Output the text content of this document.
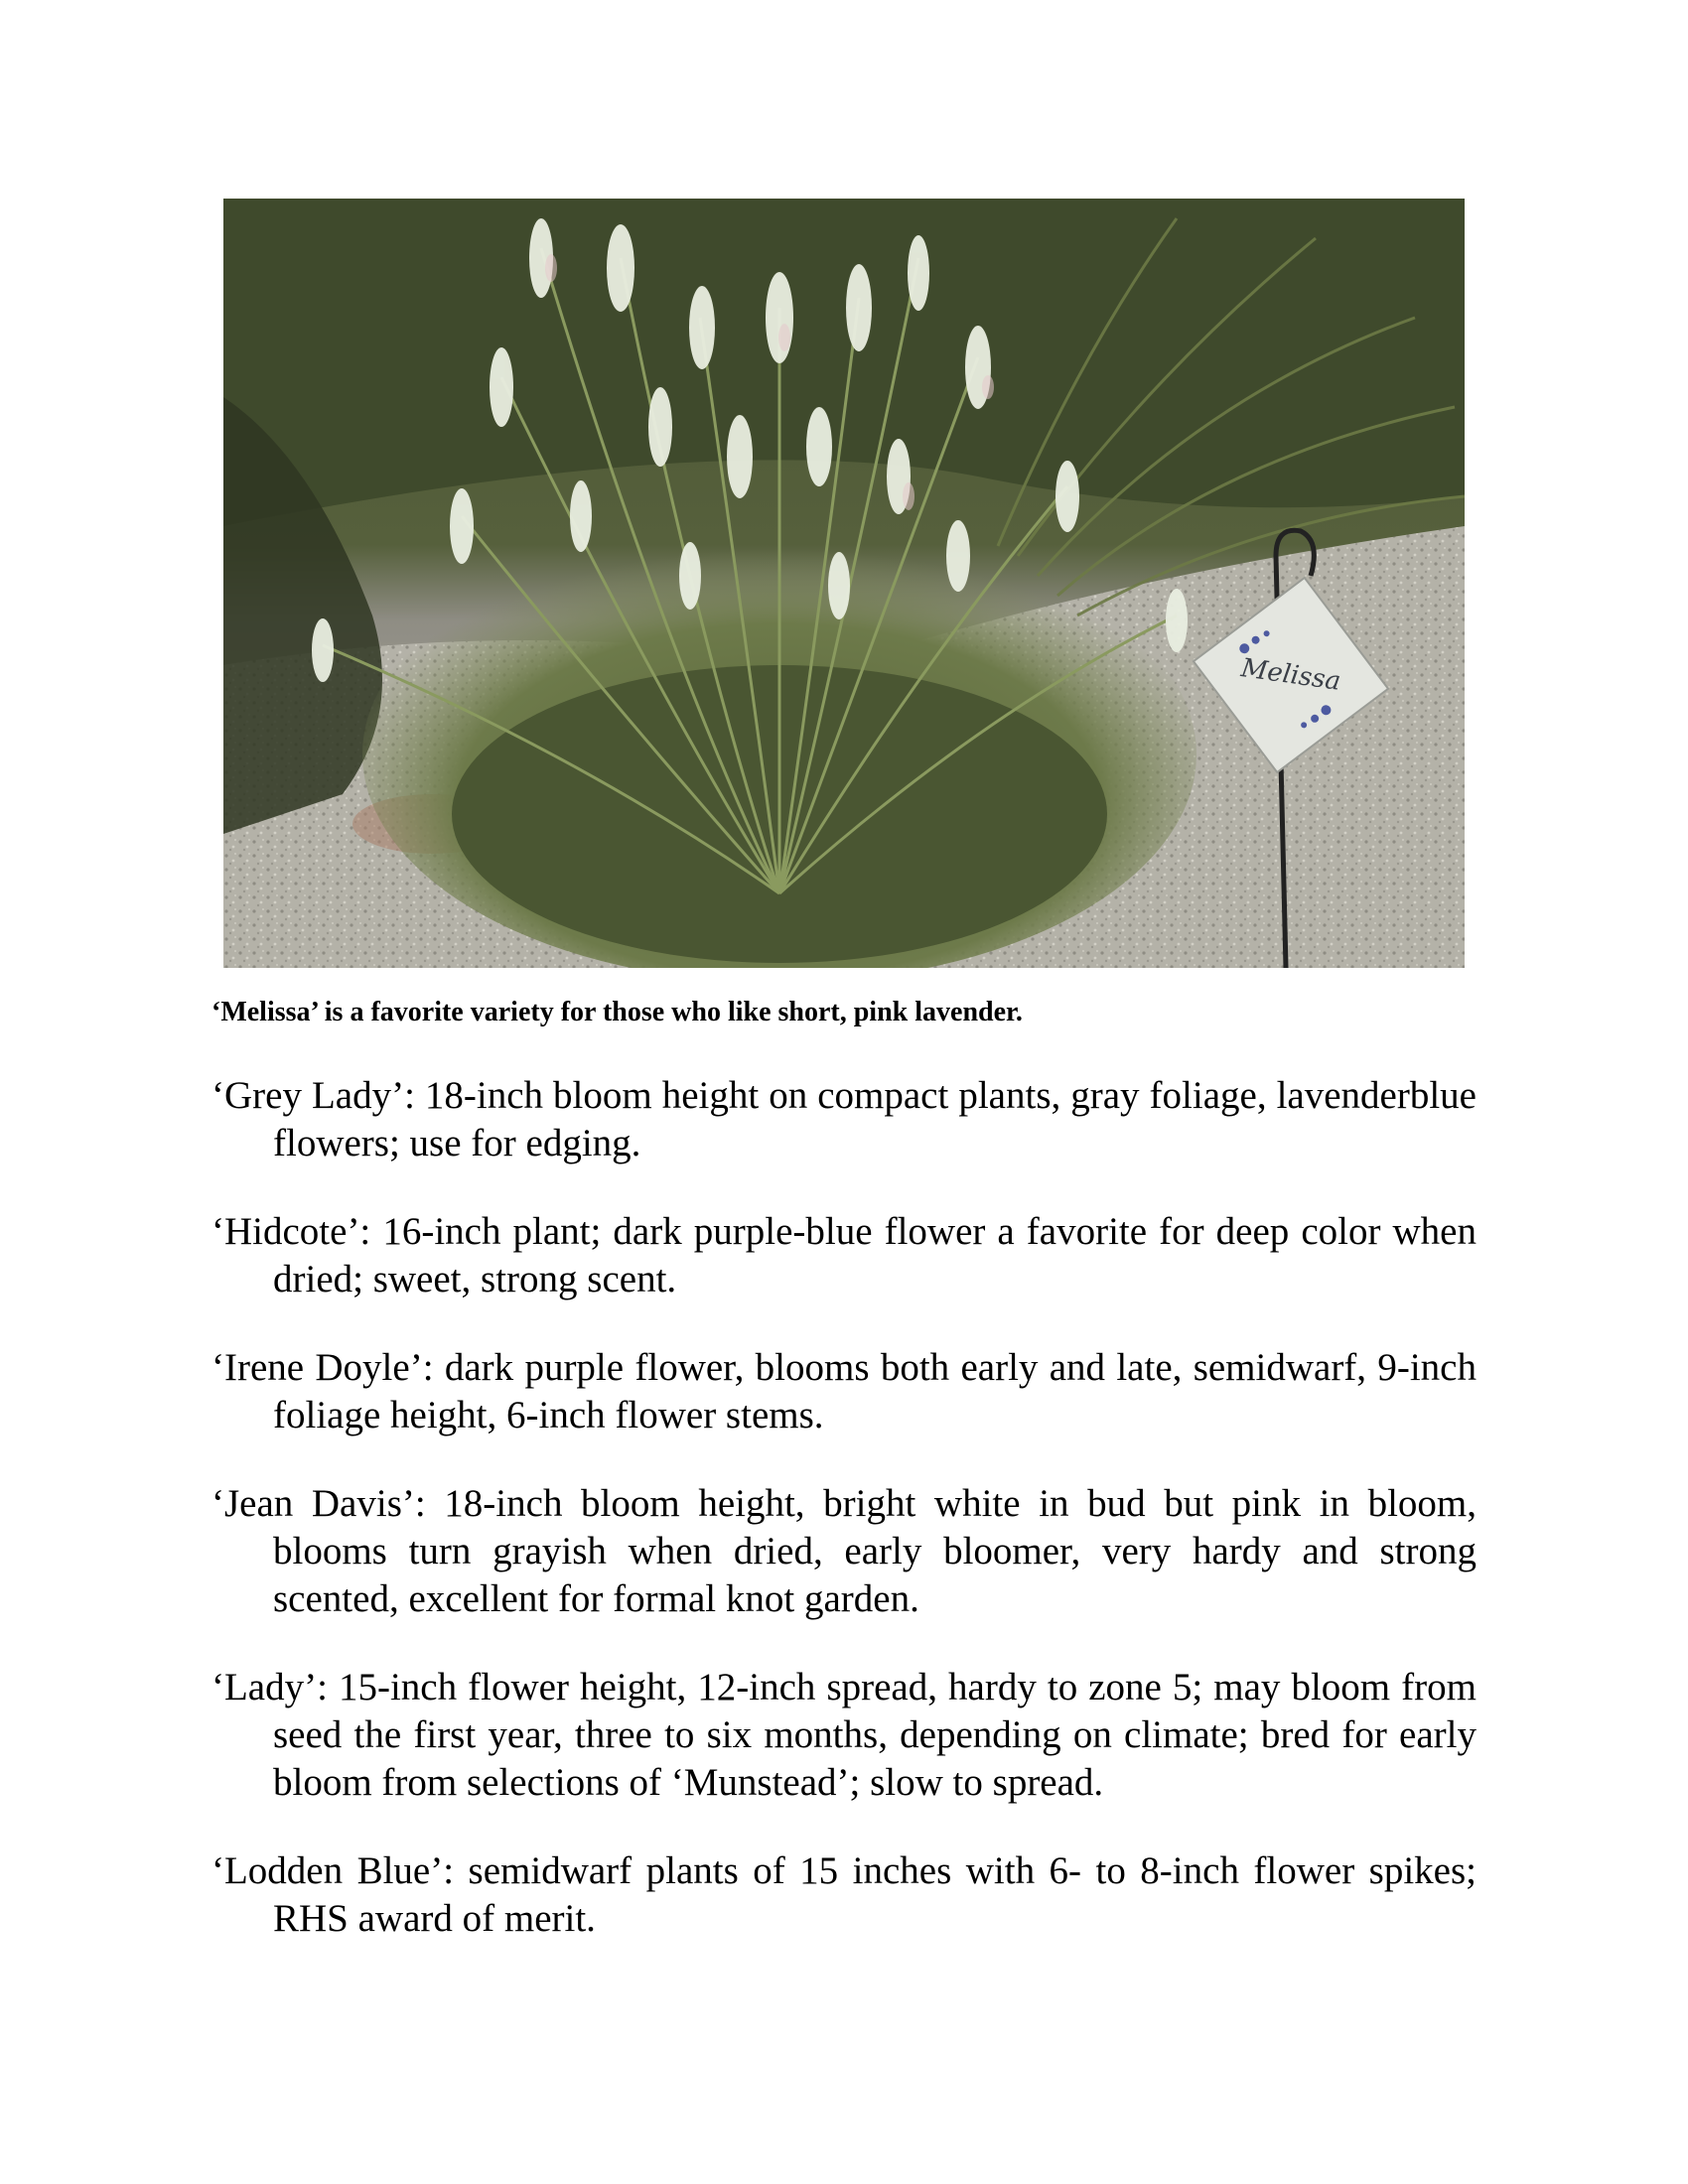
Melissa
‘Melissa’ is a favorite variety for those who like short, pink lavender.

‘Grey Lady’: 18-inch bloom height on compact plants, gray foliage, lavenderblue flowers; use for edging.

‘Hidcote’: 16-inch plant; dark purple-blue flower a favorite for deep color when dried; sweet, strong scent.

‘Irene Doyle’: dark purple flower, blooms both early and late, semidwarf, 9-inch foliage height, 6-inch flower stems.

‘Jean Davis’: 18-inch bloom height, bright white in bud but pink in bloom, blooms turn grayish when dried, early bloomer, very hardy and strong scented, excellent for formal knot garden.

‘Lady’: 15-inch flower height, 12-inch spread, hardy to zone 5; may bloom from seed the first year, three to six months, depending on climate; bred for early bloom from selections of ‘Munstead’; slow to spread.

‘Lodden Blue’: semidwarf plants of 15 inches with 6- to 8-inch flower spikes; RHS award of merit.
